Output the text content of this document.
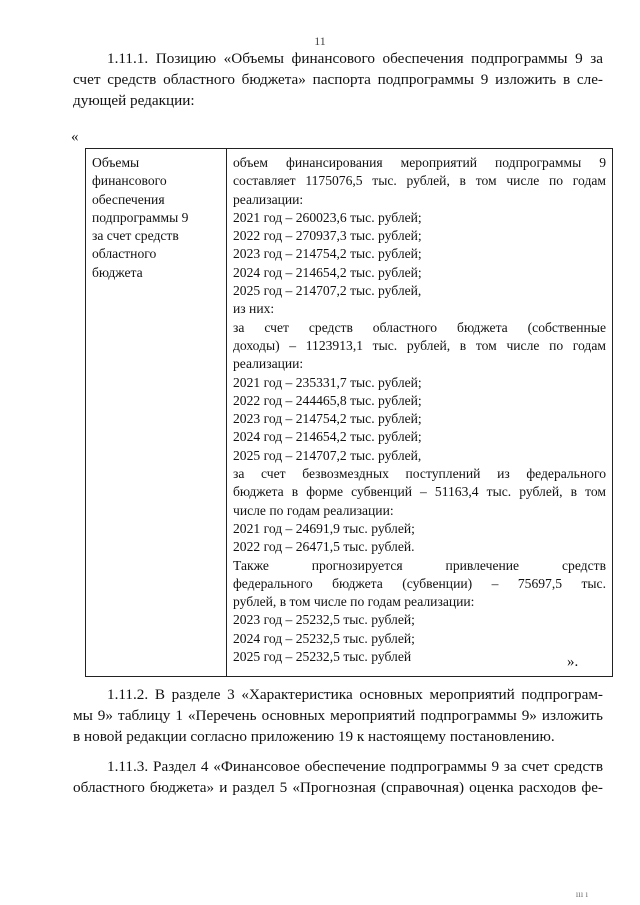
11

1.11.1. Позицию «Объемы финансового обеспечения подпрограммы 9 за
счет средств областного бюджета» паспорта подпрограммы 9 изложить в сле-
дующей редакции:

«
Объемы
финансового
обеспечения
подпрограммы 9
за счет средств
областного
бюджета

объем финансирования мероприятий подпрограммы 9
составляет 1175076,5 тыс. рублей, в том числе по годам
реализации:
2021 год – 260023,6 тыс. рублей;
2022 год – 270937,3 тыс. рублей;
2023 год – 214754,2 тыс. рублей;
2024 год – 214654,2 тыс. рублей;
2025 год – 214707,2 тыс. рублей,
из них:
за счет средств областного бюджета (собственные
доходы) – 1123913,1 тыс. рублей, в том числе по годам
реализации:
2021 год – 235331,7 тыс. рублей;
2022 год – 244465,8 тыс. рублей;
2023 год – 214754,2 тыс. рублей;
2024 год – 214654,2 тыс. рублей;
2025 год – 214707,2 тыс. рублей,
за счет безвозмездных поступлений из федерального
бюджета в форме субвенций – 51163,4 тыс. рублей, в том
числе по годам реализации:
2021 год – 24691,9 тыс. рублей;
2022 год – 26471,5 тыс. рублей.
Также прогнозируется привлечение средств
федерального бюджета (субвенции) – 75697,5 тыс.
рублей, в том числе по годам реализации:
2023 год – 25232,5 тыс. рублей;
2024 год – 25232,5 тыс. рублей;
2025 год – 25232,5 тыс. рублей	».

1.11.2. В разделе 3 «Характеристика основных мероприятий подпрограм-
мы 9» таблицу 1 «Перечень основных мероприятий подпрограммы 9» изложить
в новой редакции согласно приложению 19 к настоящему постановлению.

1.11.3. Раздел 4 «Финансовое обеспечение подпрограммы 9 за счет средств
областного бюджета» и раздел 5 «Прогнозная (справочная) оценка расходов фе-

ııı ı
